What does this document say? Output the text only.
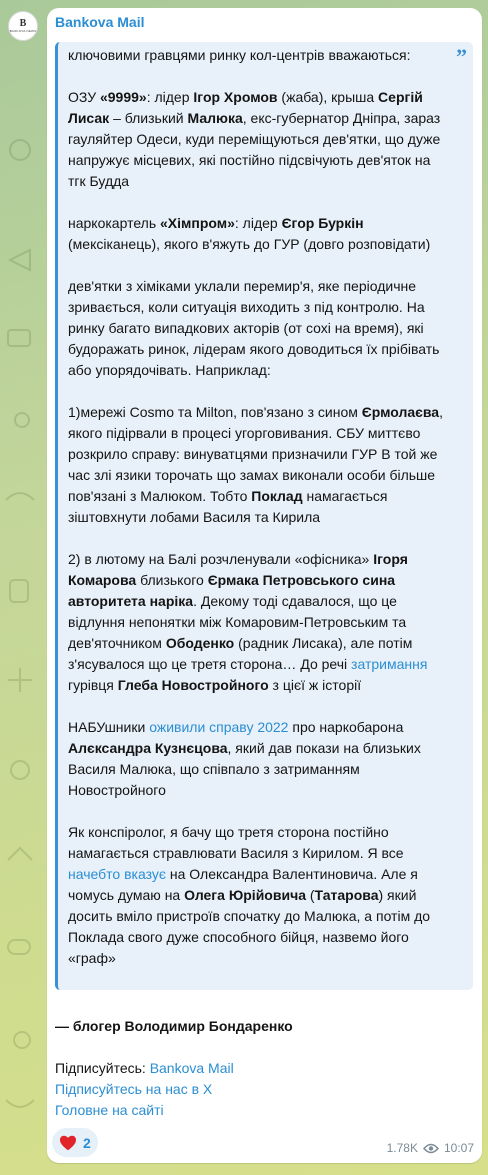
B
BANKOVA.NEWS
Bankova Mail
”

ключовими гравцями ринку кол-центрів вважаються:

ОЗУ «9999»: лідер Ігор Хромов (жаба), крыша Сергій Лисак – близький Малюка, екс-губернатор Дніпра, зараз гауляйтер Одеси, куди переміщуються дев'ятки, що дуже напружує місцевих, які постійно підсвічують дев'яток на тгк Будда

наркокартель «Хімпром»: лідер Єгор Буркін (мексіканець), якого в'яжуть до ГУР (довго розповідати)

дев'ятки з хіміками уклали перемир'я, яке періодичне зривається, коли ситуація виходить з під контролю. На ринку багато випадкових акторів (от сохі на время), які будоражать ринок, лідерам якого доводиться їх прібівать або упорядочівать. Наприклад:

1)мережі Cosmo та Milton, пов'язано з сином Єрмолаєва, якого підірвали в процесі угорговивания. СБУ миттєво розкрило справу: винуватцями призначили ГУР В той же час злі язики торочать що замах виконали особи більше пов'язані з Малюком. Тобто Поклад намагається зіштовхнути лобами Василя та Кирила

2) в лютому на Балі розчленували «офісника» Ігоря Комарова близького Єрмака Петровського сина авторитета наріка. Декому тоді сдавалося, що це відлуння непонятки між Комаровим-Петровським та дев'яточником Ободенко (радник Лисака), але потім з'ясувалося що це третя сторона… До речі затримання гурівця Глеба Новостройного з цієї ж історії

НАБУшники оживили справу 2022 про наркобарона Алєксандра Кузнєцова, який дав покази на близьких Василя Малюка, що співпало з затриманням Новостройного

Як конспіролог, я бачу що третя сторона постійно намагається стравлювати Василя з Кирилом. Я все начебто вказує на Олександра Валентиновича. Але я чомусь думаю на Олега Юрійовича (Татарова) який досить вміло пристроїв спочатку до Малюка, а потім до Поклада свого дуже способного бійця, назвемо його «граф»

— блогер Володимир Бондаренко
Підписуйтесь: Bankova Mail
Підписуйтесь на нас в X
Головне на сайті
2	1.78K 10:07
